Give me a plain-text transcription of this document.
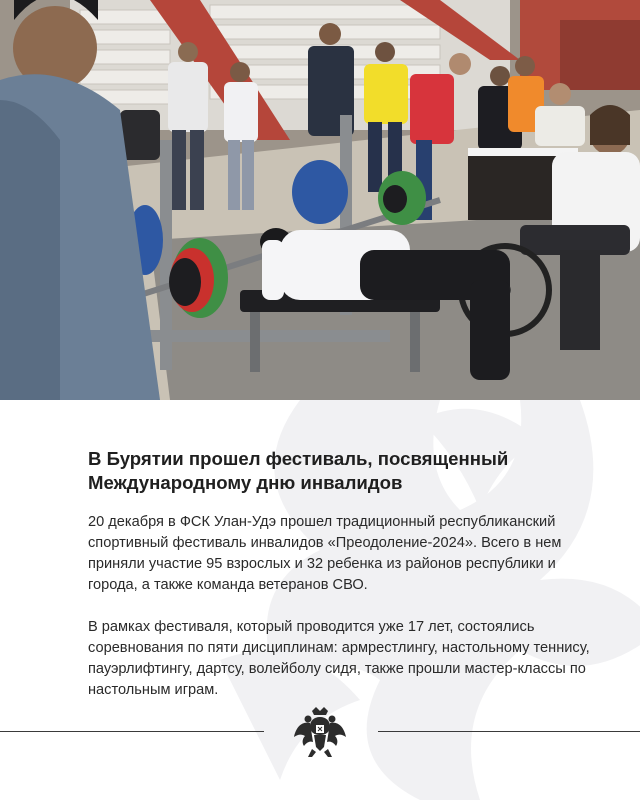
В Бурятии прошел фестиваль, посвященный Международному дню инвалидов

20 декабря в ФСК Улан-Удэ прошел традиционный республиканский спортивный фестиваль инвалидов «Преодоление-2024». Всего в нем приняли участие 95 взрослых и 32 ребенка из районов республики и города, а также команда ветеранов СВО.

В рамках фестиваля, который проводится уже 17 лет, состоялись соревнования по пяти дисциплинам: армрестлингу, настольному теннису, пауэрлифтингу, дартсу, волейболу сидя, также прошли мастер-классы по настольным играм.
